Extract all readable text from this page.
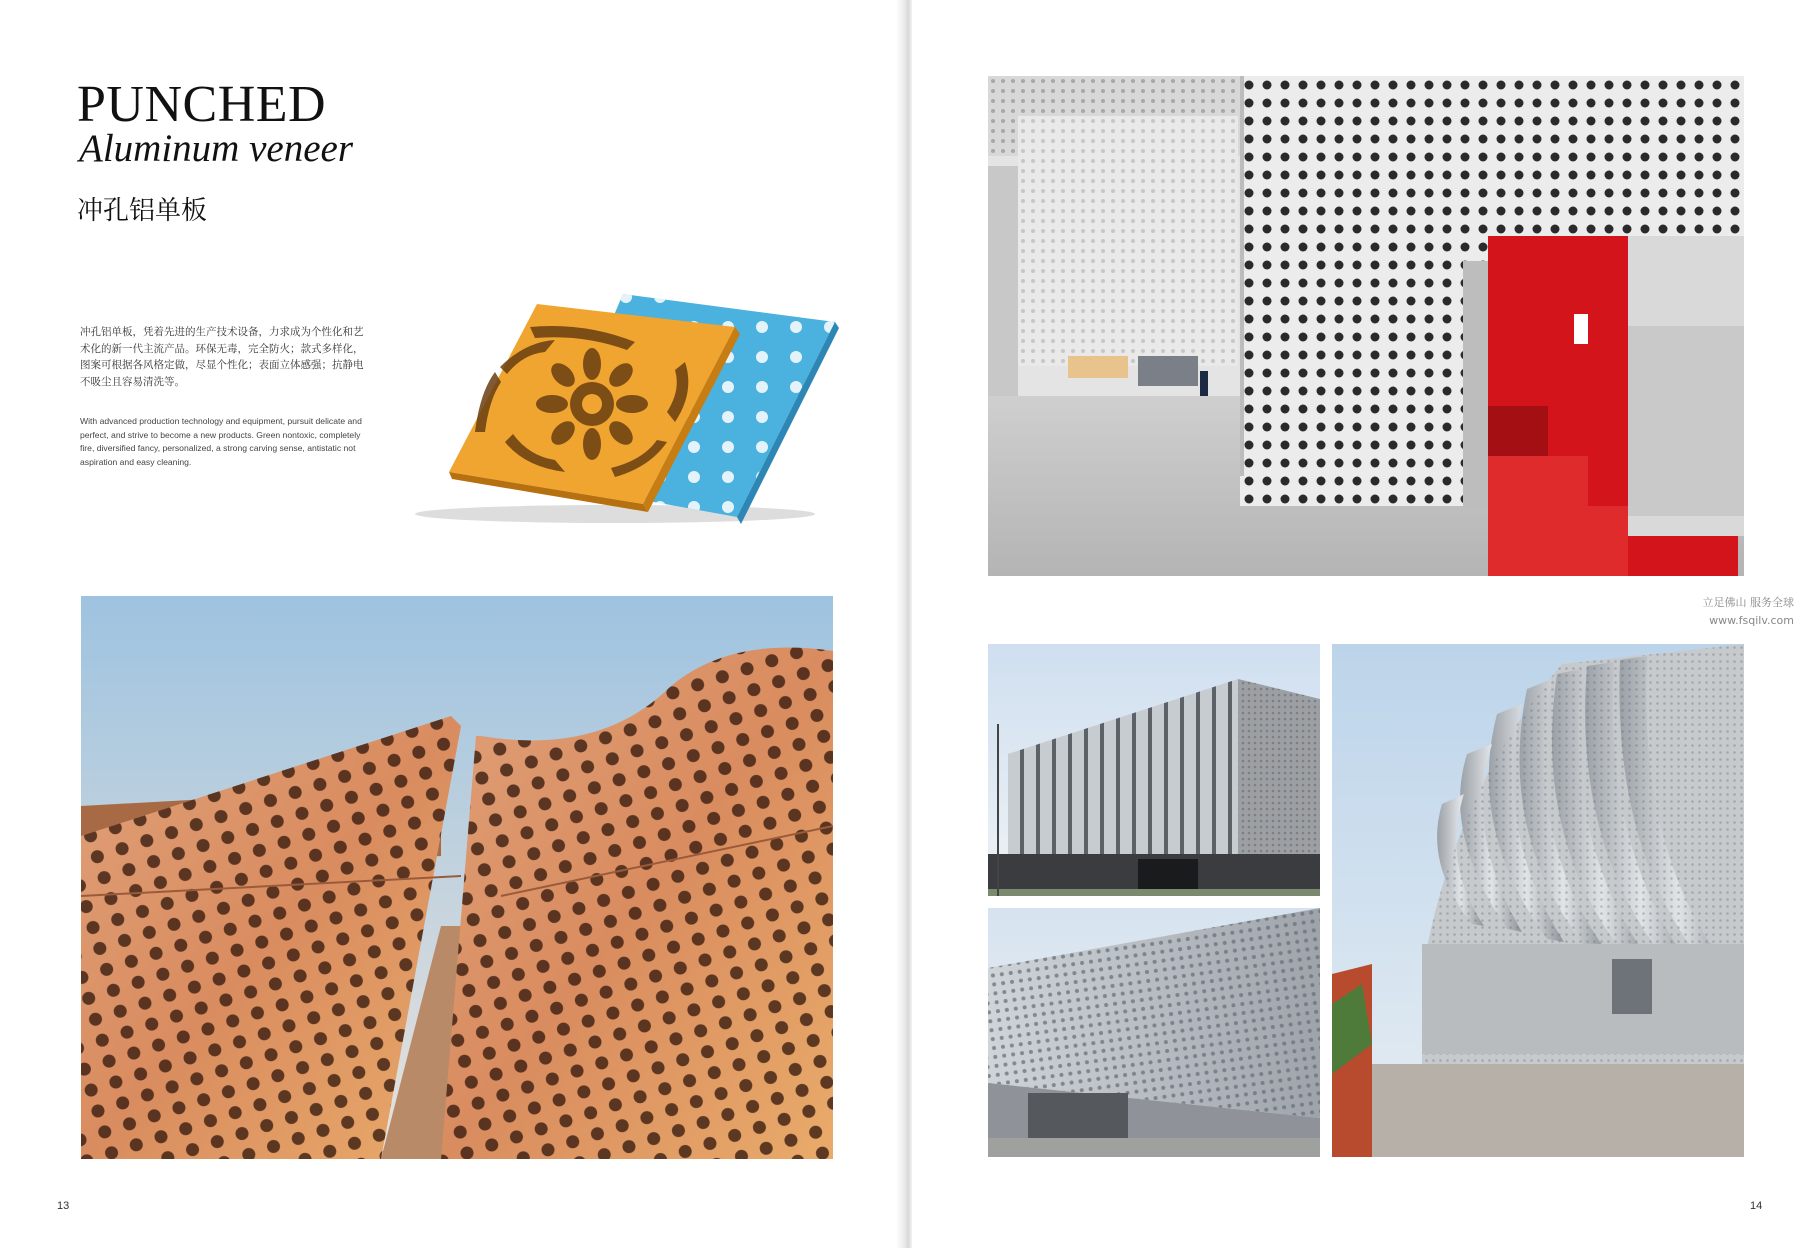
PUNCHED
Aluminum veneer
冲孔铝单板
冲孔铝单板，凭着先进的生产技术设备，力求成为个性化和艺术化的新一代主流产品。环保无毒，完全防火；款式多样化，图案可根据各风格定做，尽显个性化；表面立体感强；抗静电不吸尘且容易清洗等。
With advanced production technology and equipment, pursuit delicate and perfect, and strive to become a new products. Green nontoxic, completely fire, diversified fancy, personalized, a strong carving sense, antistatic not aspiration and easy cleaning.
13
立足佛山 服务全球
www.fsqilv.com
14
